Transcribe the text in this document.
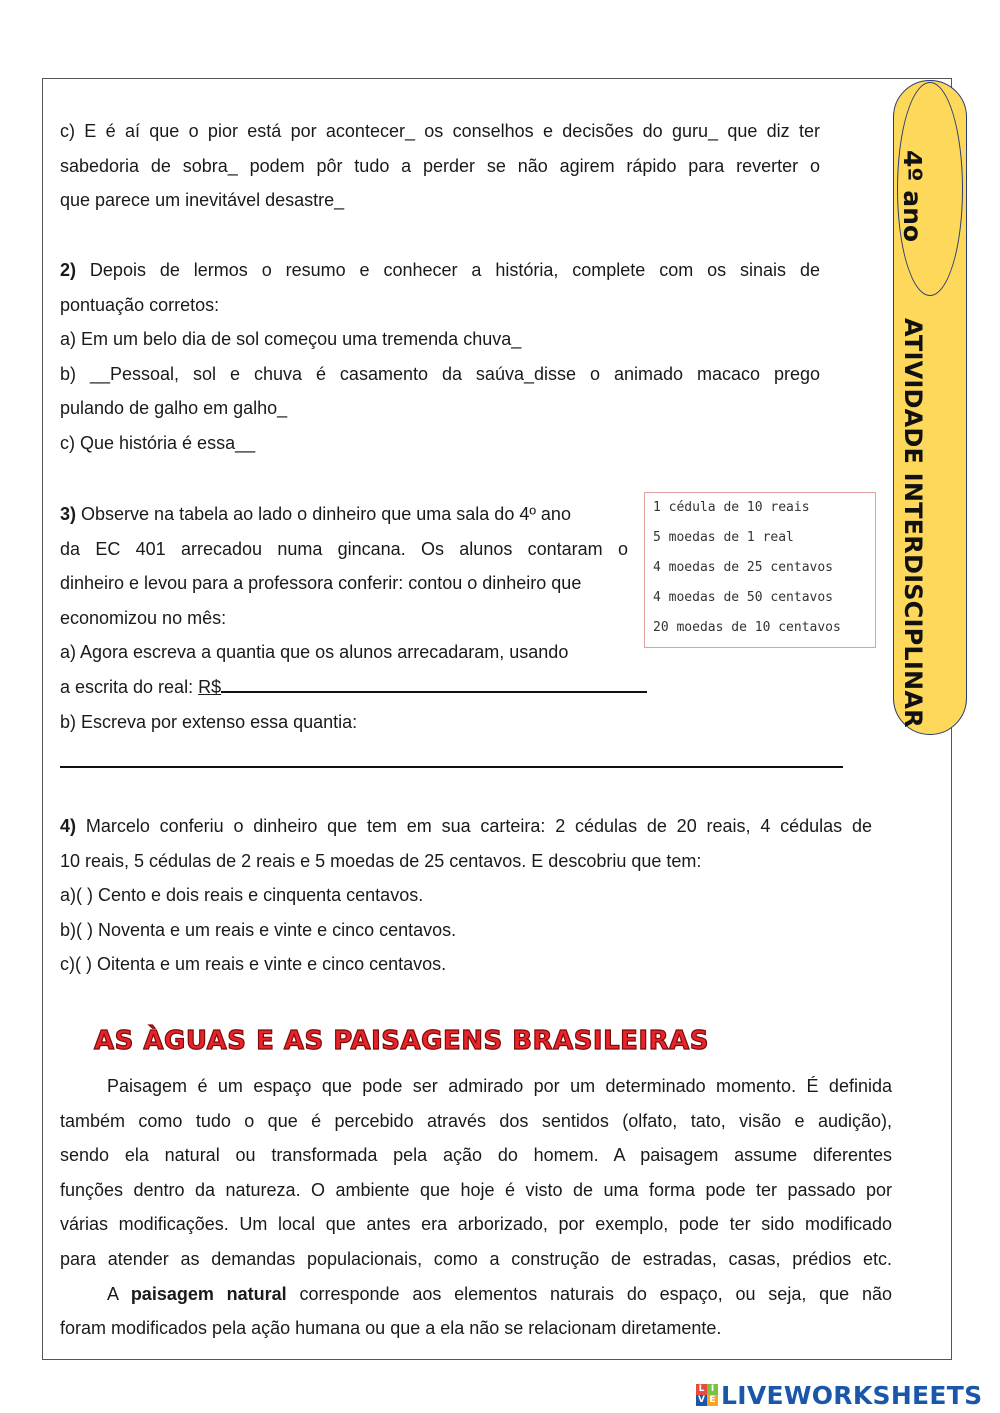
4º ano
ATIVIDADE INTERDISCIPLINAR
c) E é aí que o pior está por acontecer_ os conselhos e decisões do guru_ que diz ter
sabedoria de sobra_ podem pôr tudo a perder se não agirem rápido para reverter o
que parece um inevitável desastre_
2) Depois de lermos o resumo e conhecer a história, complete com os sinais de
pontuação corretos:
a) Em um belo dia de sol começou uma tremenda chuva_
b) __Pessoal, sol e chuva é casamento da saúva_disse o animado macaco prego
pulando de galho em galho_
c) Que história é essa__
3) Observe na tabela ao lado o dinheiro que uma sala do 4º ano
da EC 401 arrecadou numa gincana. Os alunos contaram o
dinheiro e levou para a professora conferir: contou o dinheiro que
economizou no mês:
a) Agora escreva a quantia que os alunos arrecadaram, usando
a escrita do real: R$
b) Escreva por extenso essa quantia:
1 cédula de 10 reais
5 moedas de 1 real
4 moedas de 25 centavos
4 moedas de 50 centavos
20 moedas de 10 centavos
4) Marcelo conferiu o dinheiro que tem em sua carteira: 2 cédulas de 20 reais, 4 cédulas de
10 reais, 5 cédulas de 2 reais e 5 moedas de 25 centavos. E descobriu que tem:
a)( ) Cento e dois reais e cinquenta centavos.
b)( ) Noventa e um reais e vinte e cinco centavos.
c)( ) Oitenta e um reais e vinte e cinco centavos.
AS ÀGUAS E AS PAISAGENS BRASILEIRAS
Paisagem é um espaço que pode ser admirado por um determinado momento. É definida
também como tudo o que é percebido através dos sentidos (olfato, tato, visão e audição),
sendo ela natural ou transformada pela ação do homem. A paisagem assume diferentes
funções dentro da natureza. O ambiente que hoje é visto de uma forma pode ter passado por
várias modificações. Um local que antes era arborizado, por exemplo, pode ter sido modificado
para atender as demandas populacionais, como a construção de estradas, casas, prédios etc.
A paisagem natural corresponde aos elementos naturais do espaço, ou seja, que não
foram modificados pela ação humana ou que a ela não se relacionam diretamente.
L I
V E LIVEWORKSHEETS
